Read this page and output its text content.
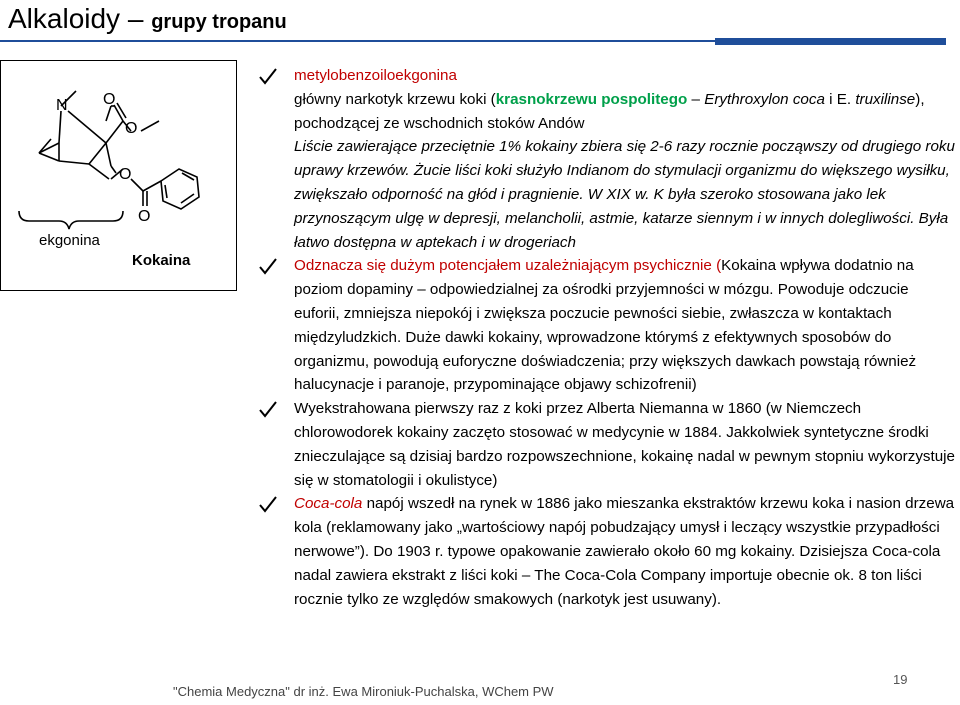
Alkaloidy – grupy tropanu
N O
O
O
O
ekgonina
Kokaina

metylobenzoiloekgonina

główny narkotyk krzewu koki (krasnokrzewu pospolitego – Erythroxylon coca i E. truxilinse), pochodzącej ze wschodnich stoków Andów

Liście zawierające przeciętnie 1% kokainy zbiera się 2-6 razy rocznie począwszy od drugiego roku uprawy krzewów. Żucie liści koki służyło Indianom do stymulacji organizmu do większego wysiłku, zwiększało odporność na głód i pragnienie. W XIX w. K była szeroko stosowana jako lek przynoszącym ulgę w depresji, melancholii, astmie, katarze siennym i w innych dolegliwości. Była łatwo dostępna w aptekach i w drogeriach

Odznacza się dużym potencjałem uzależniającym psychicznie (Kokaina wpływa dodatnio na poziom dopaminy – odpowiedzialnej za ośrodki przyjemności w mózgu. Powoduje odczucie euforii, zmniejsza niepokój i zwiększa poczucie pewności siebie, zwłaszcza w kontaktach międzyludzkich. Duże dawki kokainy, wprowadzone którymś z efektywnych sposobów do organizmu, powodują euforyczne doświadczenia; przy większych dawkach powstają również halucynacje i paranoje, przypominające objawy schizofrenii)

Wyekstrahowana pierwszy raz z koki przez Alberta Niemanna w 1860 (w Niemczech chlorowodorek kokainy zaczęto stosować w medycynie w 1884. Jakkolwiek syntetyczne środki znieczulające są dzisiaj bardzo rozpowszechnione, kokainę nadal w pewnym stopniu wykorzystuje się w stomatologii i okulistyce)

Coca-cola napój wszedł na rynek w 1886 jako mieszanka ekstraktów krzewu koka i nasion drzewa kola (reklamowany jako „wartościowy napój pobudzający umysł i leczący wszystkie przypadłości nerwowe”). Do 1903 r. typowe opakowanie zawierało około 60 mg kokainy. Dzisiejsza Coca-cola nadal zawiera ekstrakt z liści koki – The Coca-Cola Company importuje obecnie ok. 8 ton liści rocznie tylko ze względów smakowych (narkotyk jest usuwany).

"Chemia Medyczna" dr inż. Ewa Mironiuk-Puchalska, WChem PW
19
